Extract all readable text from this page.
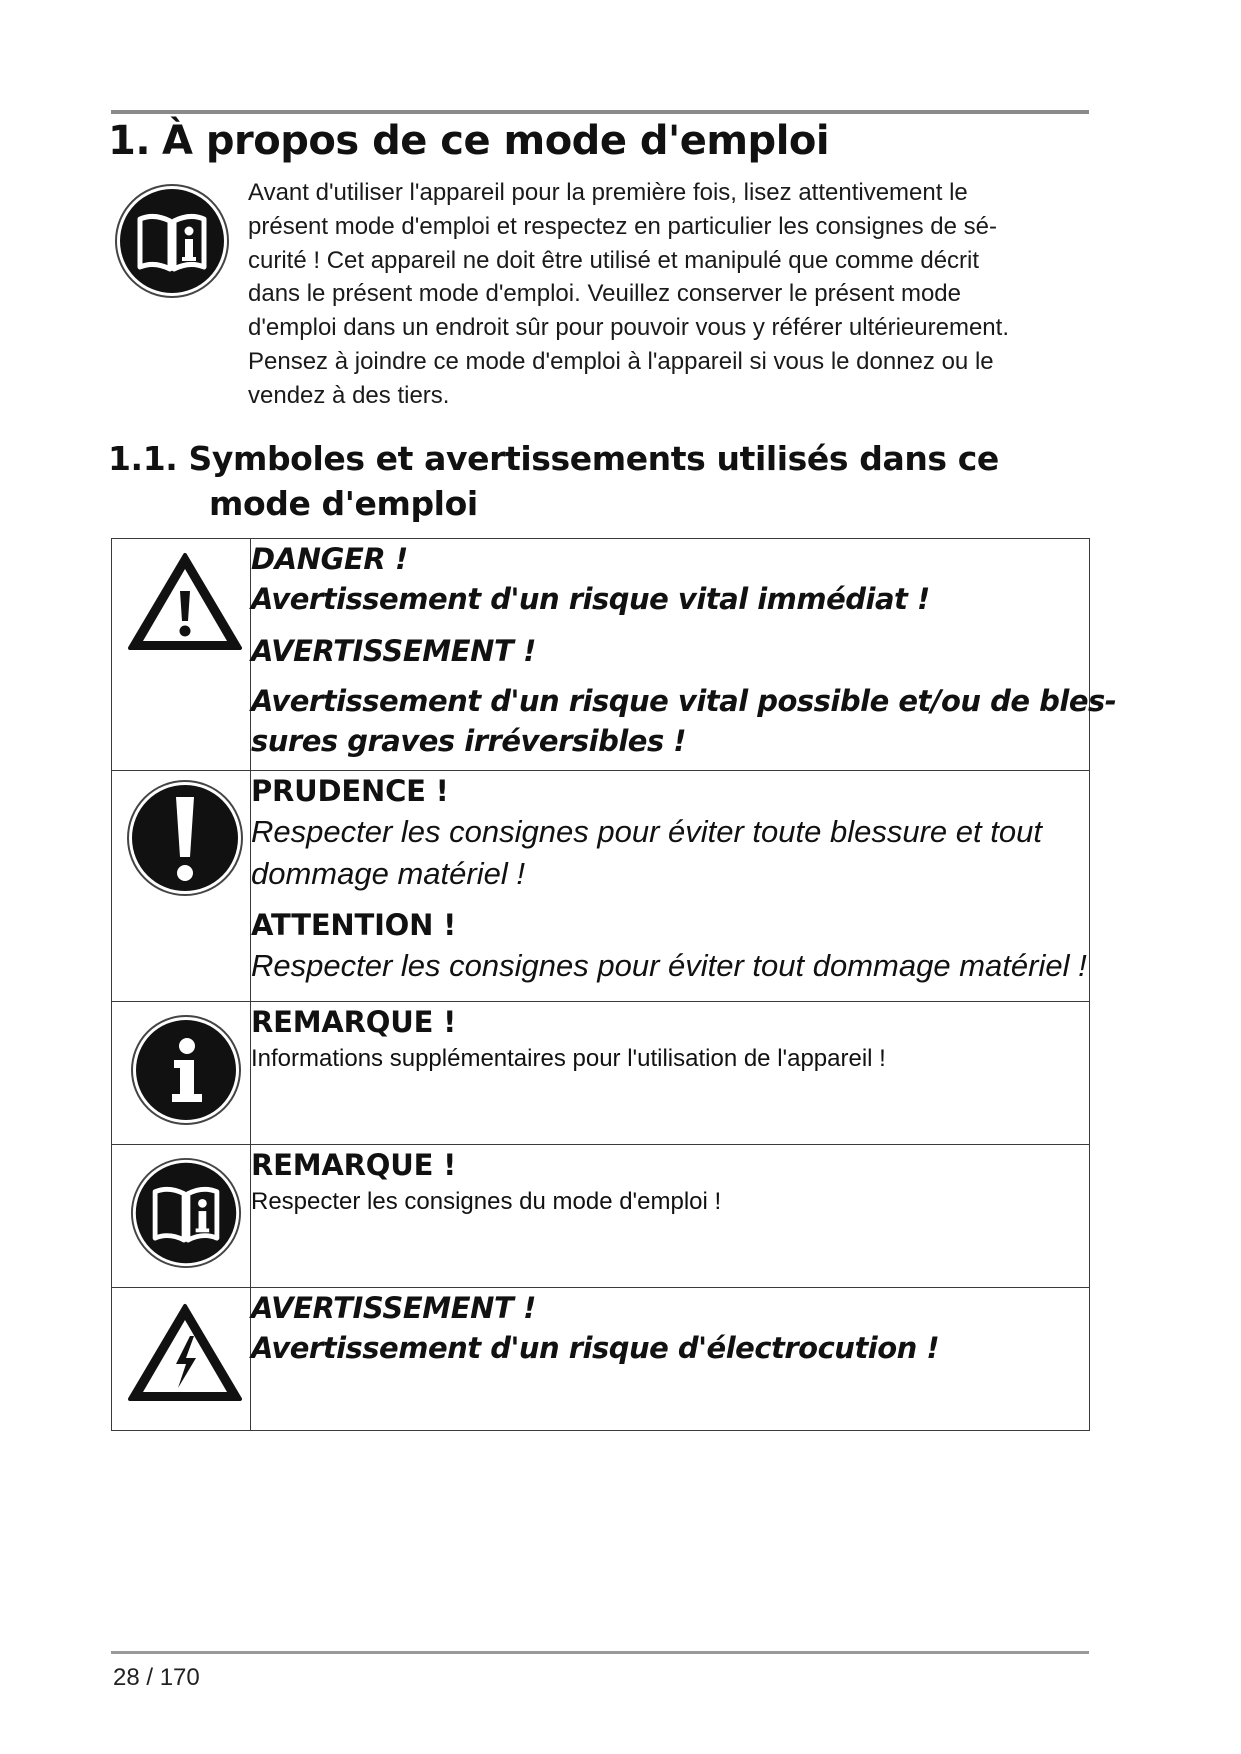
1. À propos de ce mode d'emploi
Avant d'utiliser l'appareil pour la première fois, lisez attentivement le
présent mode d'emploi et respectez en particulier les consignes de sé-
curité ! Cet appareil ne doit être utilisé et manipulé que comme décrit
dans le présent mode d'emploi. Veuillez conserver le présent mode
d'emploi dans un endroit sûr pour pouvoir vous y référer ultérieurement.
Pensez à joindre ce mode d'emploi à l'appareil si vous le donnez ou le
vendez à des tiers.
1.1. Symboles et avertissements utilisés dans ce
mode d'emploi

DANGER !
Avertissement d'un risque vital immédiat !
AVERTISSEMENT !
Avertissement d'un risque vital possible et/ou de bles-
sures graves irréversibles !

PRUDENCE !
Respecter les consignes pour éviter toute blessure et tout
dommage matériel !
ATTENTION !
Respecter les consignes pour éviter tout dommage matériel !

REMARQUE !
Informations supplémentaires pour l'utilisation de l'appareil !

REMARQUE !
Respecter les consignes du mode d'emploi !

AVERTISSEMENT !
Avertissement d'un risque d'électrocution !
28 / 170
